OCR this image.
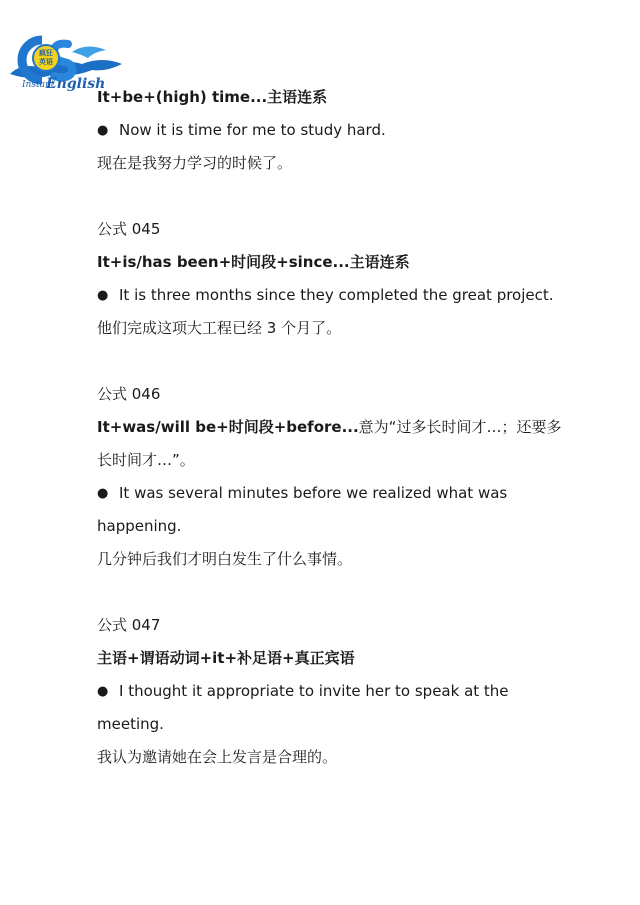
疯狂英语
Instant
English
It+be+(high) time...主语连系
● Now it is time for me to study hard.
现在是我努力学习的时候了。
公式 045
It+is/has been+时间段+since...主语连系
● It is three months since they completed the great project.
他们完成这项大工程已经 3 个月了。
公式 046
It+was/will be+时间段+before...意为“过多长时间才…；还要多
长时间才…”。
● It was several minutes before we realized what was
happening.
几分钟后我们才明白发生了什么事情。
公式 047
主语+谓语动词+it+补足语+真正宾语
● I thought it appropriate to invite her to speak at the
meeting.
我认为邀请她在会上发言是合理的。
